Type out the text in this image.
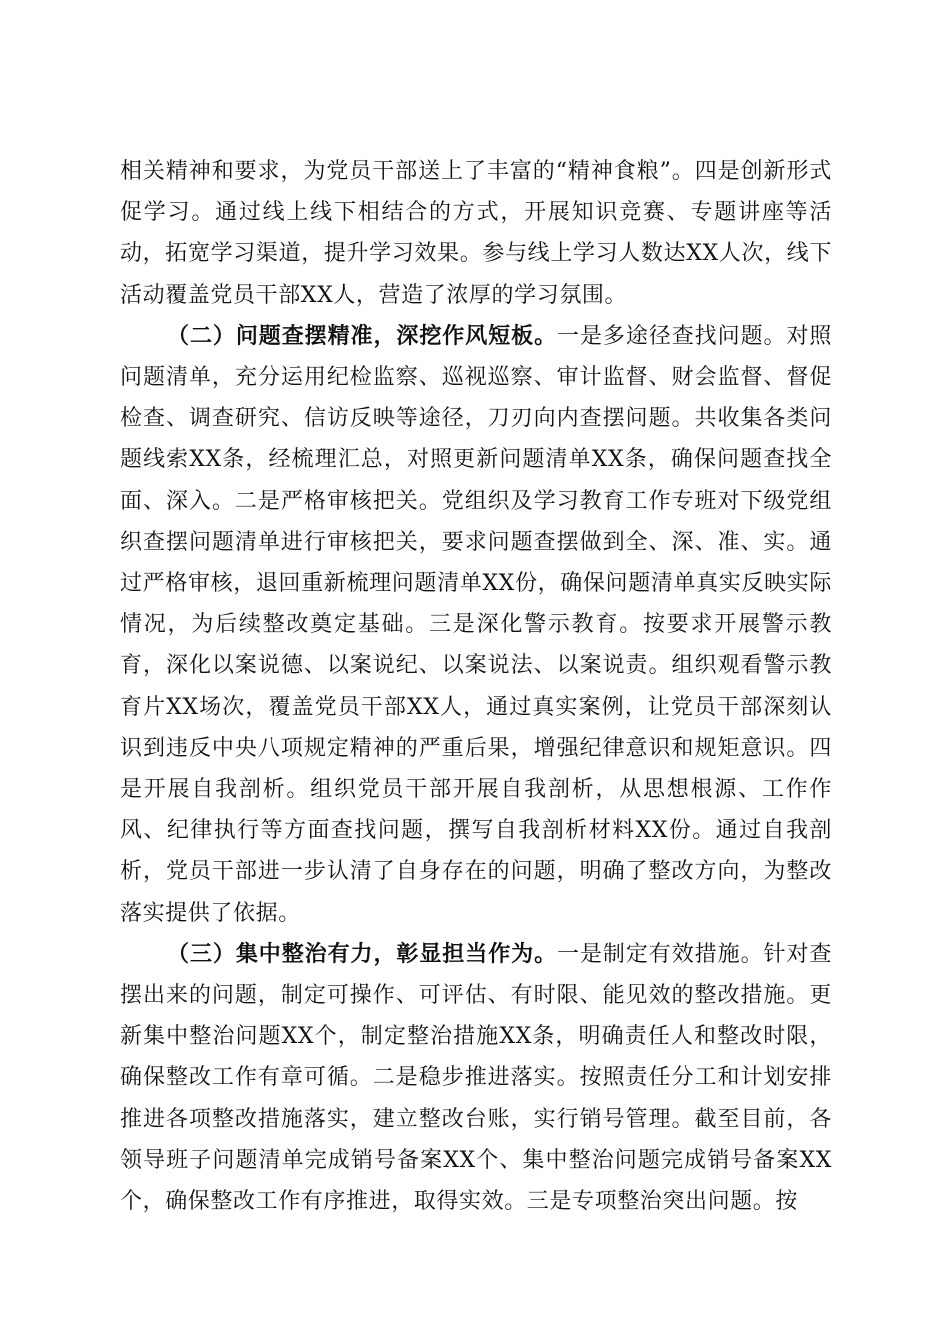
相关精神和要求，为党员干部送上了丰富的“精神食粮”。四是创新形式促学习。通过线上线下相结合的方式，开展知识竞赛、专题讲座等活动，拓宽学习渠道，提升学习效果。参与线上学习人数达XX人次，线下活动覆盖党员干部XX人，营造了浓厚的学习氛围。

（二）问题查摆精准，深挖作风短板。一是多途径查找问题。对照问题清单，充分运用纪检监察、巡视巡察、审计监督、财会监督、督促检查、调查研究、信访反映等途径，刀刃向内查摆问题。共收集各类问题线索XX条，经梳理汇总，对照更新问题清单XX条，确保问题查找全面、深入。二是严格审核把关。党组织及学习教育工作专班对下级党组织查摆问题清单进行审核把关，要求问题查摆做到全、深、准、实。通过严格审核，退回重新梳理问题清单XX份，确保问题清单真实反映实际情况，为后续整改奠定基础。三是深化警示教育。按要求开展警示教育，深化以案说德、以案说纪、以案说法、以案说责。组织观看警示教育片XX场次，覆盖党员干部XX人，通过真实案例，让党员干部深刻认识到违反中央八项规定精神的严重后果，增强纪律意识和规矩意识。四是开展自我剖析。组织党员干部开展自我剖析，从思想根源、工作作风、纪律执行等方面查找问题，撰写自我剖析材料XX份。通过自我剖析，党员干部进一步认清了自身存在的问题，明确了整改方向，为整改落实提供了依据。

（三）集中整治有力，彰显担当作为。一是制定有效措施。针对查摆出来的问题，制定可操作、可评估、有时限、能见效的整改措施。更新集中整治问题XX个，制定整治措施XX条，明确责任人和整改时限，确保整改工作有章可循。二是稳步推进落实。按照责任分工和计划安排推进各项整改措施落实，建立整改台账，实行销号管理。截至目前，各领导班子问题清单完成销号备案XX个、集中整治问题完成销号备案XX个，确保整改工作有序推进，取得实效。三是专项整治突出问题。按
